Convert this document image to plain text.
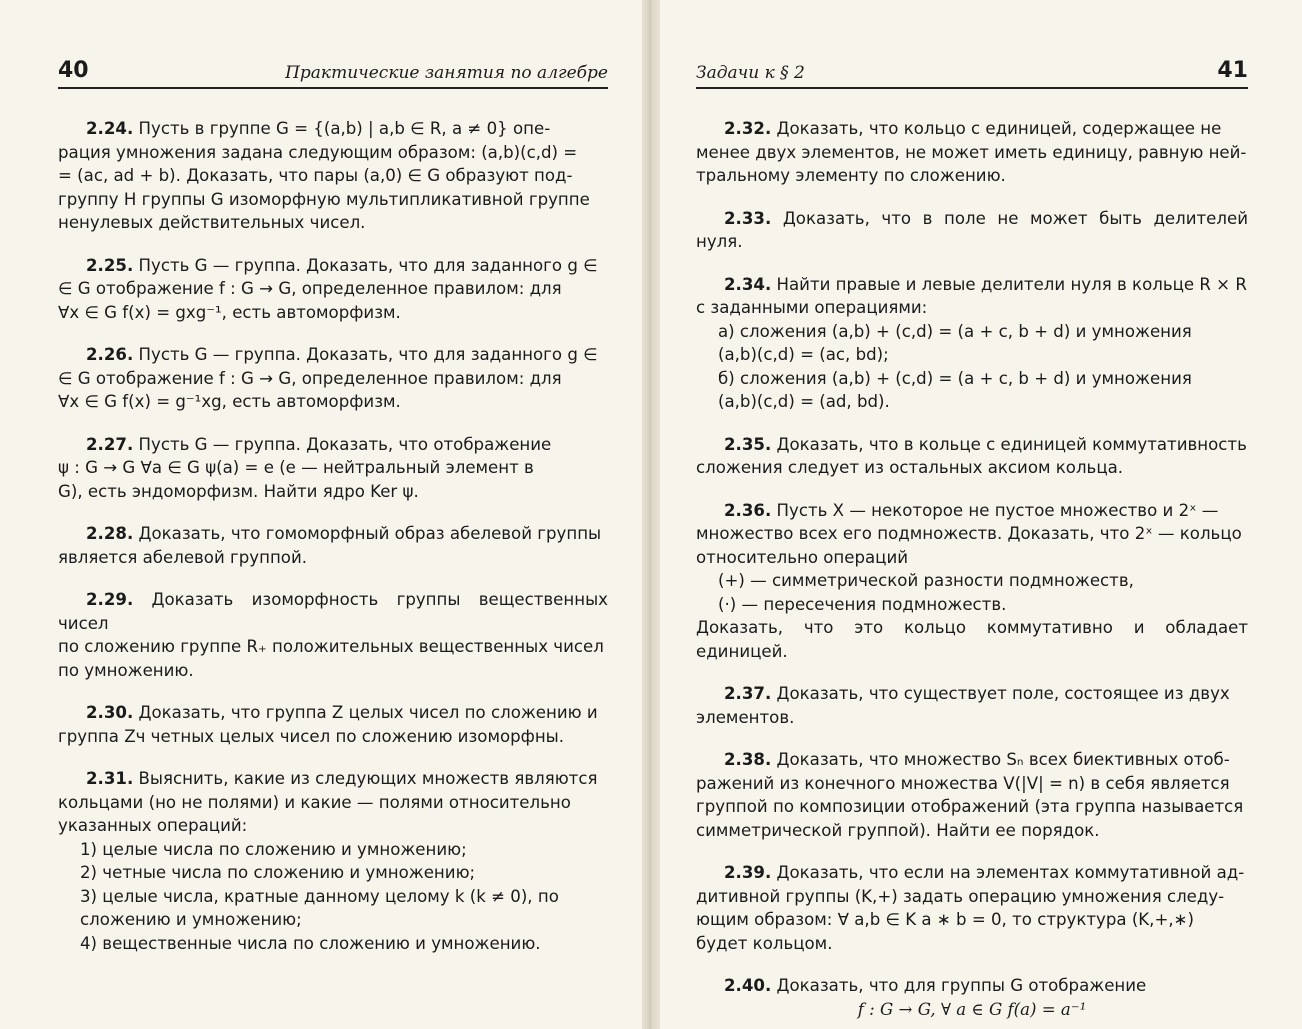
40	Практические занятия по алгебре
2.24. Пусть в группе G = {(a,b) | a,b ∈ R, a ≠ 0} опе-
рация умножения задана следующим образом: (a,b)(c,d) =
= (ac, ad + b). Доказать, что пары (a,0) ∈ G образуют под-
группу H группы G изоморфную мультипликативной группе
ненулевых действительных чисел.
2.25. Пусть G — группа. Доказать, что для заданного g ∈
∈ G отображение f : G → G, определенное правилом: для
∀x ∈ G f(x) = gxg⁻¹, есть автоморфизм.
2.26. Пусть G — группа. Доказать, что для заданного g ∈
∈ G отображение f : G → G, определенное правилом: для
∀x ∈ G f(x) = g⁻¹xg, есть автоморфизм.
2.27. Пусть G — группа. Доказать, что отображение
ψ : G → G ∀a ∈ G ψ(a) = e (e — нейтральный элемент в
G), есть эндоморфизм. Найти ядро Ker ψ.
2.28. Доказать, что гомоморфный образ абелевой группы
является абелевой группой.
2.29. Доказать изоморфность группы вещественных чисел
по сложению группе R₊ положительных вещественных чисел
по умножению.
2.30. Доказать, что группа Z целых чисел по сложению и
группа Zч четных целых чисел по сложению изоморфны.
2.31. Выяснить, какие из следующих множеств являются
кольцами (но не полями) и какие — полями относительно
указанных операций:
1) целые числа по сложению и умножению;
2) четные числа по сложению и умножению;
3) целые числа, кратные данному целому k (k ≠ 0), по
сложению и умножению;
4) вещественные числа по сложению и умножению.
Задачи к § 2	41
2.32. Доказать, что кольцо с единицей, содержащее не
менее двух элементов, не может иметь единицу, равную ней-
тральному элементу по сложению.
2.33. Доказать, что в поле не может быть делителей нуля.
2.34. Найти правые и левые делители нуля в кольце R × R
с заданными операциями:
а) сложения (a,b) + (c,d) = (a + c, b + d) и умножения
(a,b)(c,d) = (ac, bd);
б) сложения (a,b) + (c,d) = (a + c, b + d) и умножения
(a,b)(c,d) = (ad, bd).
2.35. Доказать, что в кольце с единицей коммутативность
сложения следует из остальных аксиом кольца.
2.36. Пусть X — некоторое не пустое множество и 2ˣ —
множество всех его подмножеств. Доказать, что 2ˣ — кольцо
относительно операций
(+) — симметрической разности подмножеств,
(·) — пересечения подмножеств.
Доказать, что это кольцо коммутативно и обладает единицей.
2.37. Доказать, что существует поле, состоящее из двух
элементов.
2.38. Доказать, что множество Sₙ всех биективных отоб-
ражений из конечного множества V(|V| = n) в себя является
группой по композиции отображений (эта группа называется
симметрической группой). Найти ее порядок.
2.39. Доказать, что если на элементах коммутативной ад-
дитивной группы (K,+) задать операцию умножения следу-
ющим образом: ∀ a,b ∈ K a ∗ b = 0, то структура (K,+,∗)
будет кольцом.
2.40. Доказать, что для группы G отображение
f : G → G, ∀ a ∈ G f(a) = a⁻¹
